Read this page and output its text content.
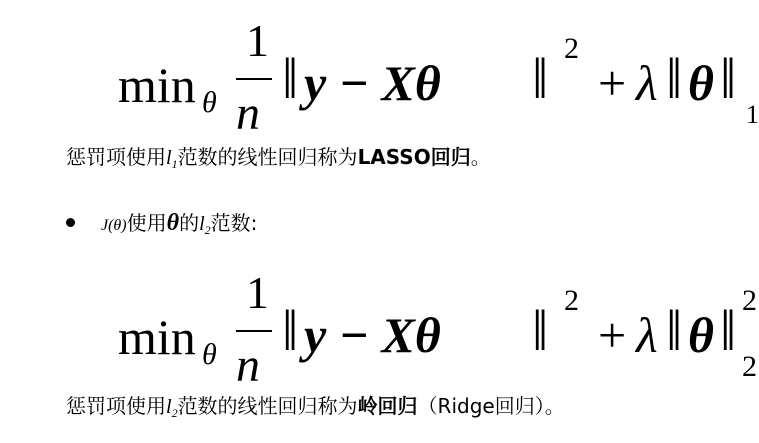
min θ
1
n
‖ y − Xθ ‖ 2
+ λ ‖ θ ‖
1
惩罚项使用$l_1$范数的线性回归称为LASSO回归。
J(θ)使用θ的$l_2$范数:
min θ
1
n
‖ y − Xθ ‖ 2
+ λ ‖ θ ‖ 2
2
惩罚项使用$l_2$范数的线性回归称为岭回归（Ridge回归）。
